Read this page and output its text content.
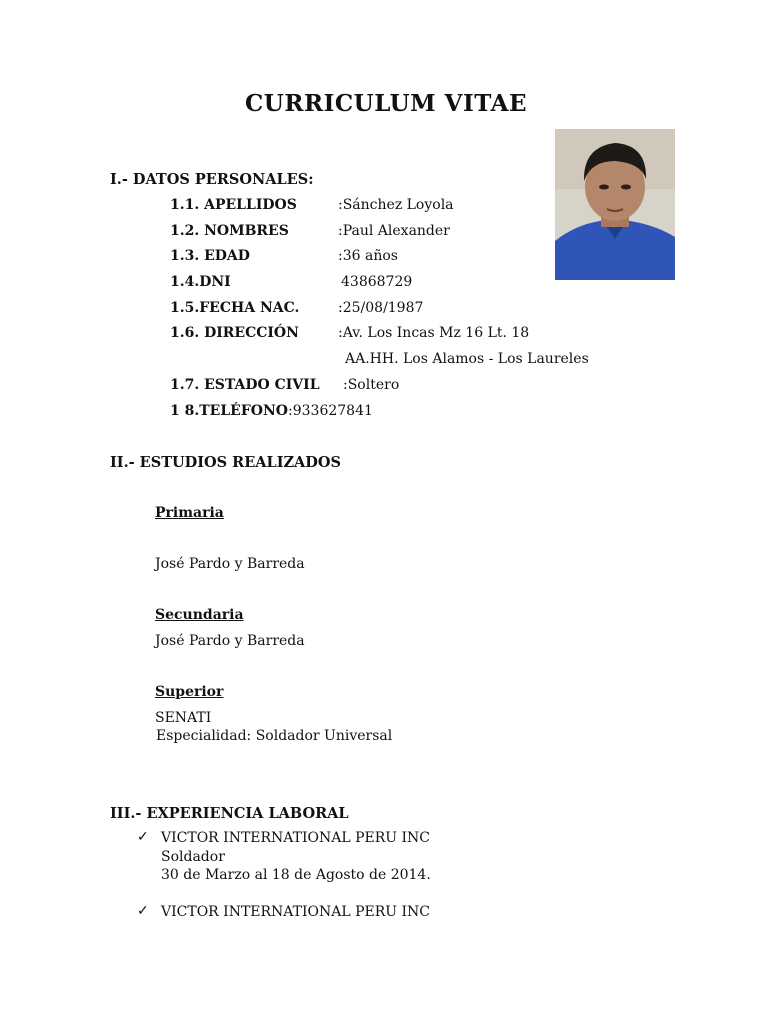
CURRICULUM VITAE
I.- DATOS PERSONALES:
1.1. APELLIDOS	:Sánchez Loyola
1.2. NOMBRES	:Paul Alexander
1.3. EDAD	:36 años
1.4.DNI	43868729
1.5.FECHA NAC.	:25/08/1987
1.6. DIRECCIÓN	:Av. Los Incas Mz 16 Lt. 18
AA.HH. Los Alamos - Los Laureles
1.7. ESTADO CIVIL :Soltero
1 8.TELÉFONO :933627841
II.- ESTUDIOS REALIZADOS
Primaria
José Pardo y Barreda
Secundaria
José Pardo y Barreda
Superior
SENATI
Especialidad: Soldador Universal
III.- EXPERIENCIA LABORAL
✓ VICTOR INTERNATIONAL PERU INC
Soldador
30 de Marzo al 18 de Agosto de 2014.
✓ VICTOR INTERNATIONAL PERU INC
